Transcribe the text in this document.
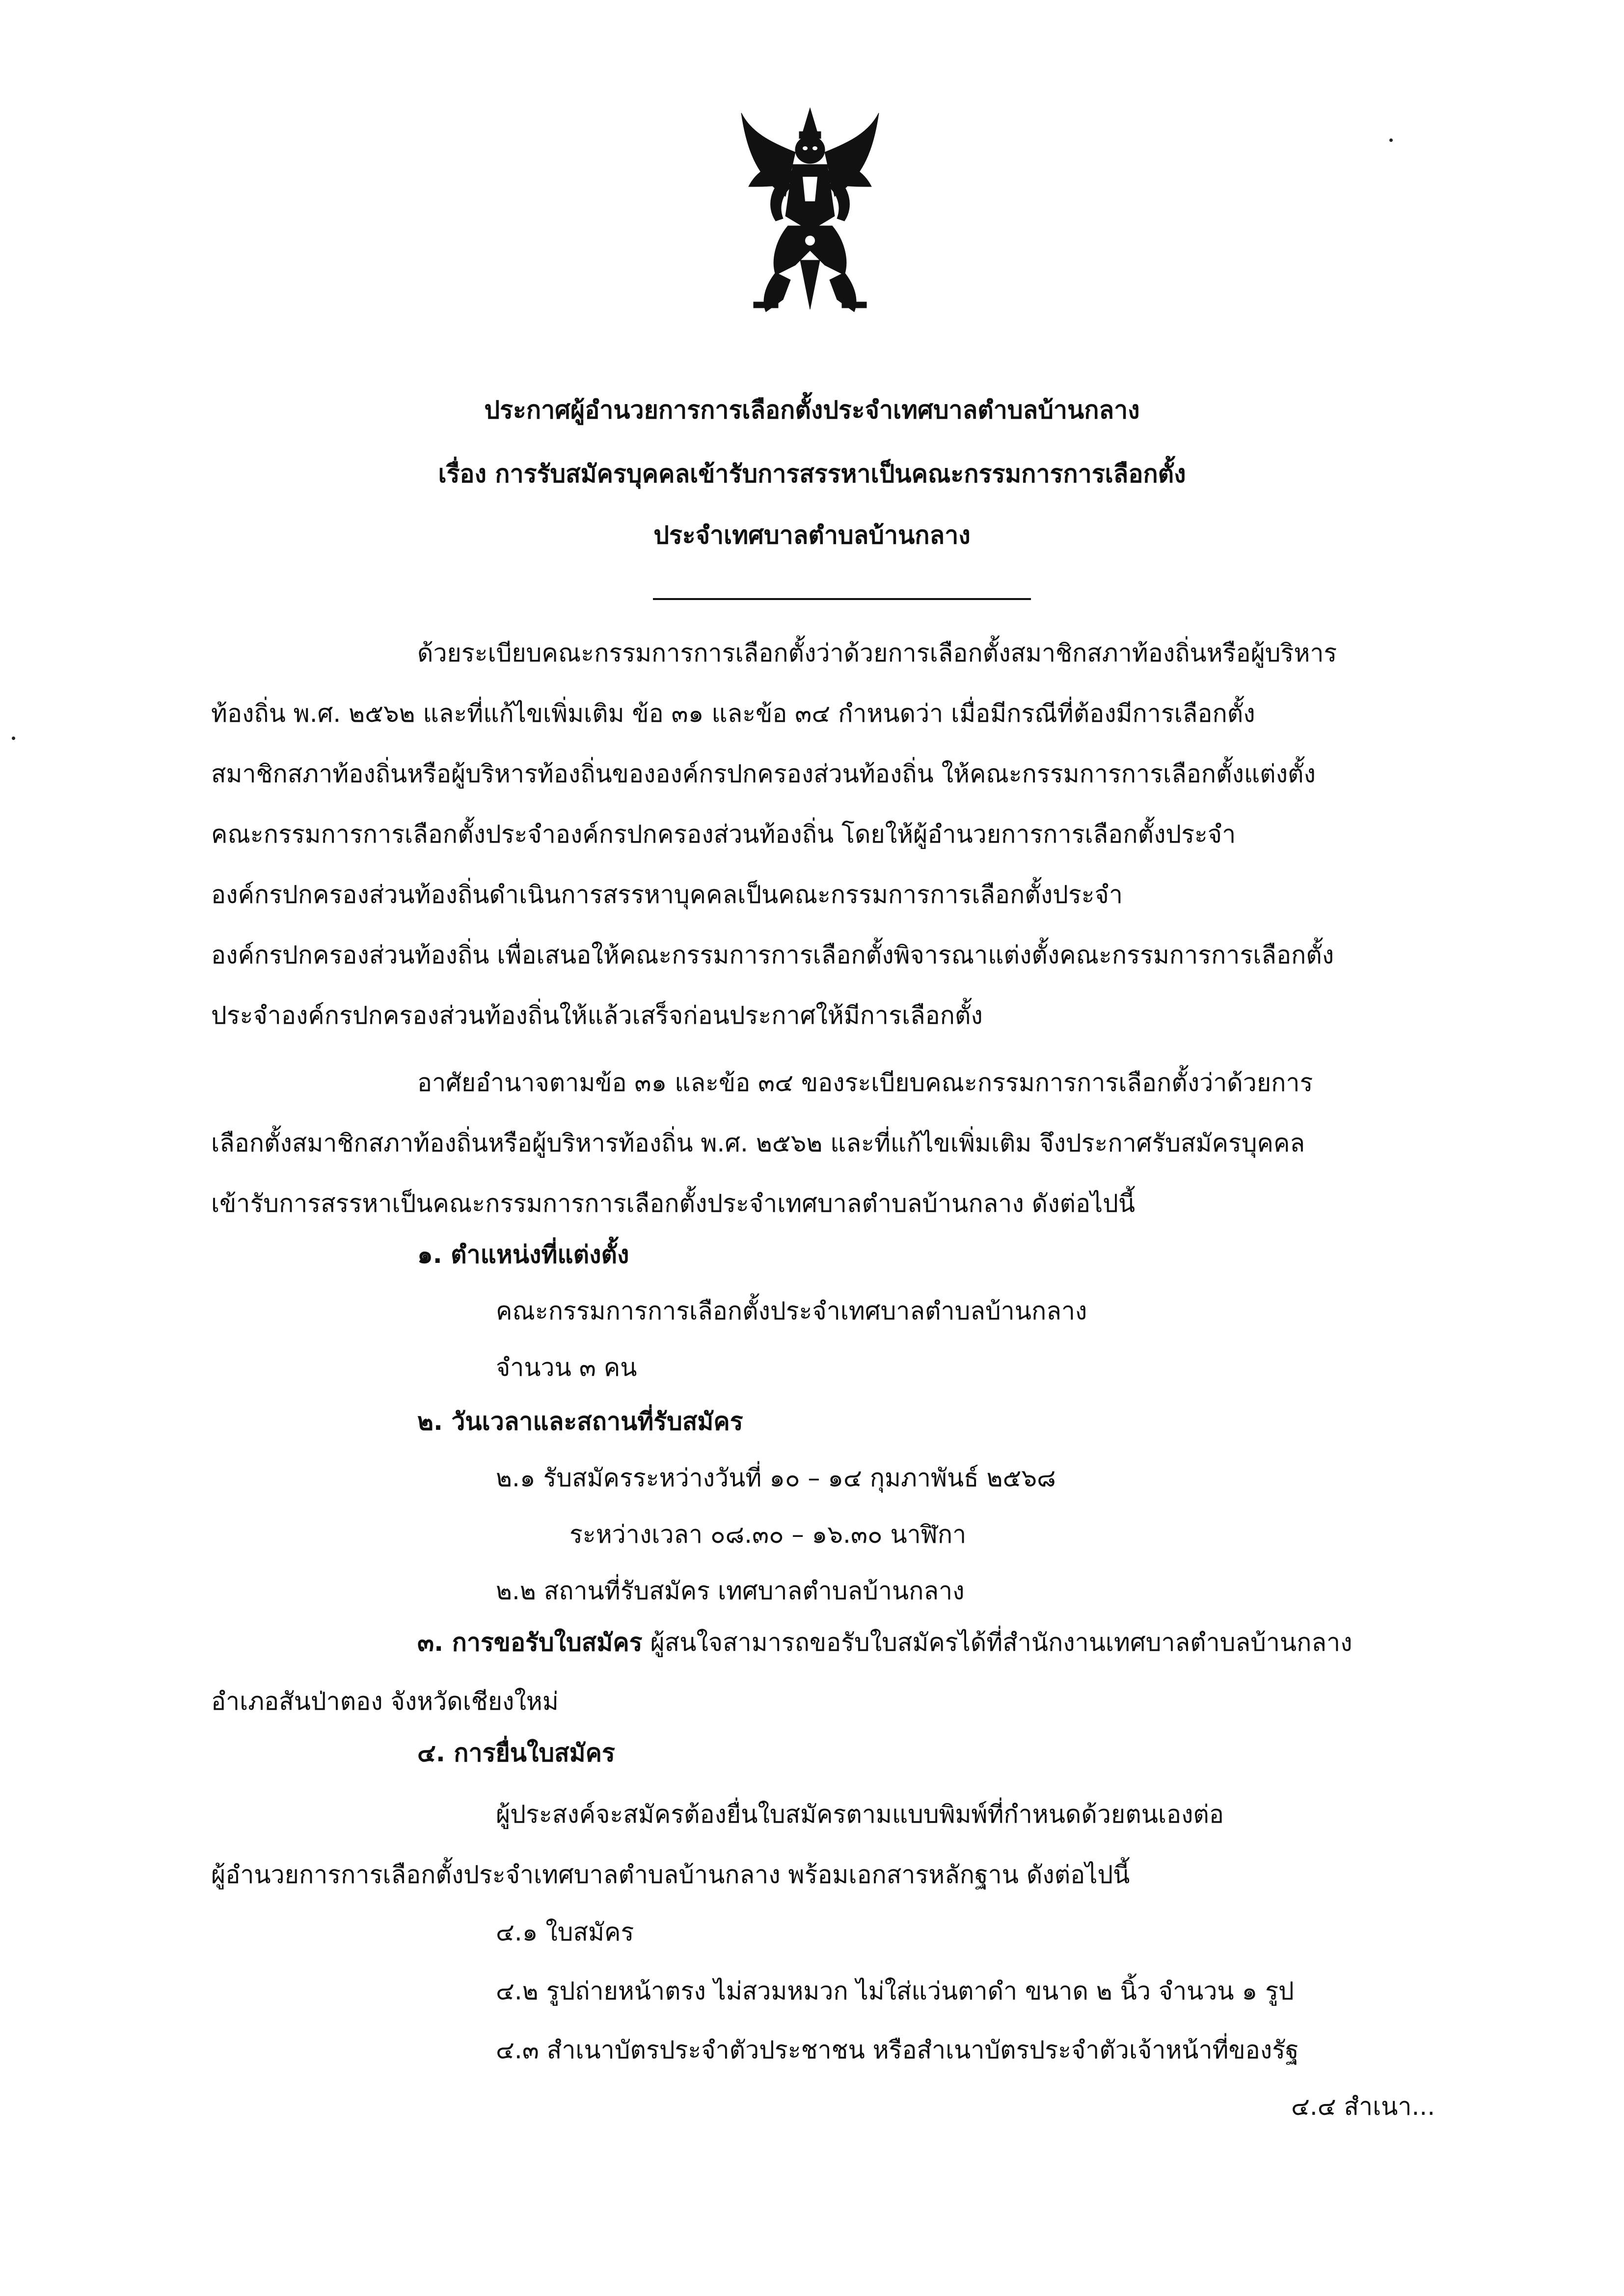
ประกาศผู้อำนวยการการเลือกตั้งประจำเทศบาลตำบลบ้านกลาง
เรื่อง การรับสมัครบุคคลเข้ารับการสรรหาเป็นคณะกรรมการการเลือกตั้ง
ประจำเทศบาลตำบลบ้านกลาง
ด้วยระเบียบคณะกรรมการการเลือกตั้งว่าด้วยการเลือกตั้งสมาชิกสภาท้องถิ่นหรือผู้บริหาร
ท้องถิ่น พ.ศ. ๒๕๖๒ และที่แก้ไขเพิ่มเติม ข้อ ๓๑ และข้อ ๓๔ กำหนดว่า เมื่อมีกรณีที่ต้องมีการเลือกตั้ง
สมาชิกสภาท้องถิ่นหรือผู้บริหารท้องถิ่นขององค์กรปกครองส่วนท้องถิ่น ให้คณะกรรมการการเลือกตั้งแต่งตั้ง
คณะกรรมการการเลือกตั้งประจำองค์กรปกครองส่วนท้องถิ่น โดยให้ผู้อำนวยการการเลือกตั้งประจำ
องค์กรปกครองส่วนท้องถิ่นดำเนินการสรรหาบุคคลเป็นคณะกรรมการการเลือกตั้งประจำ
องค์กรปกครองส่วนท้องถิ่น เพื่อเสนอให้คณะกรรมการการเลือกตั้งพิจารณาแต่งตั้งคณะกรรมการการเลือกตั้ง
ประจำองค์กรปกครองส่วนท้องถิ่นให้แล้วเสร็จก่อนประกาศให้มีการเลือกตั้ง
อาศัยอำนาจตามข้อ ๓๑ และข้อ ๓๔ ของระเบียบคณะกรรมการการเลือกตั้งว่าด้วยการ
เลือกตั้งสมาชิกสภาท้องถิ่นหรือผู้บริหารท้องถิ่น พ.ศ. ๒๕๖๒ และที่แก้ไขเพิ่มเติม จึงประกาศรับสมัครบุคคล
เข้ารับการสรรหาเป็นคณะกรรมการการเลือกตั้งประจำเทศบาลตำบลบ้านกลาง ดังต่อไปนี้
๑. ตำแหน่งที่แต่งตั้ง
คณะกรรมการการเลือกตั้งประจำเทศบาลตำบลบ้านกลาง
จำนวน ๓ คน
๒. วันเวลาและสถานที่รับสมัคร
๒.๑ รับสมัครระหว่างวันที่ ๑๐ – ๑๔ กุมภาพันธ์ ๒๕๖๘
ระหว่างเวลา ๐๘.๓๐ – ๑๖.๓๐ นาฬิกา
๒.๒ สถานที่รับสมัคร เทศบาลตำบลบ้านกลาง
๓. การขอรับใบสมัคร ผู้สนใจสามารถขอรับใบสมัครได้ที่สำนักงานเทศบาลตำบลบ้านกลาง
อำเภอสันป่าตอง จังหวัดเชียงใหม่
๔. การยื่นใบสมัคร
ผู้ประสงค์จะสมัครต้องยื่นใบสมัครตามแบบพิมพ์ที่กำหนดด้วยตนเองต่อ
ผู้อำนวยการการเลือกตั้งประจำเทศบาลตำบลบ้านกลาง พร้อมเอกสารหลักฐาน ดังต่อไปนี้
๔.๑ ใบสมัคร
๔.๒ รูปถ่ายหน้าตรง ไม่สวมหมวก ไม่ใส่แว่นตาดำ ขนาด ๒ นิ้ว จำนวน ๑ รูป
๔.๓ สำเนาบัตรประจำตัวประชาชน หรือสำเนาบัตรประจำตัวเจ้าหน้าที่ของรัฐ
๔.๔ สำเนา...
